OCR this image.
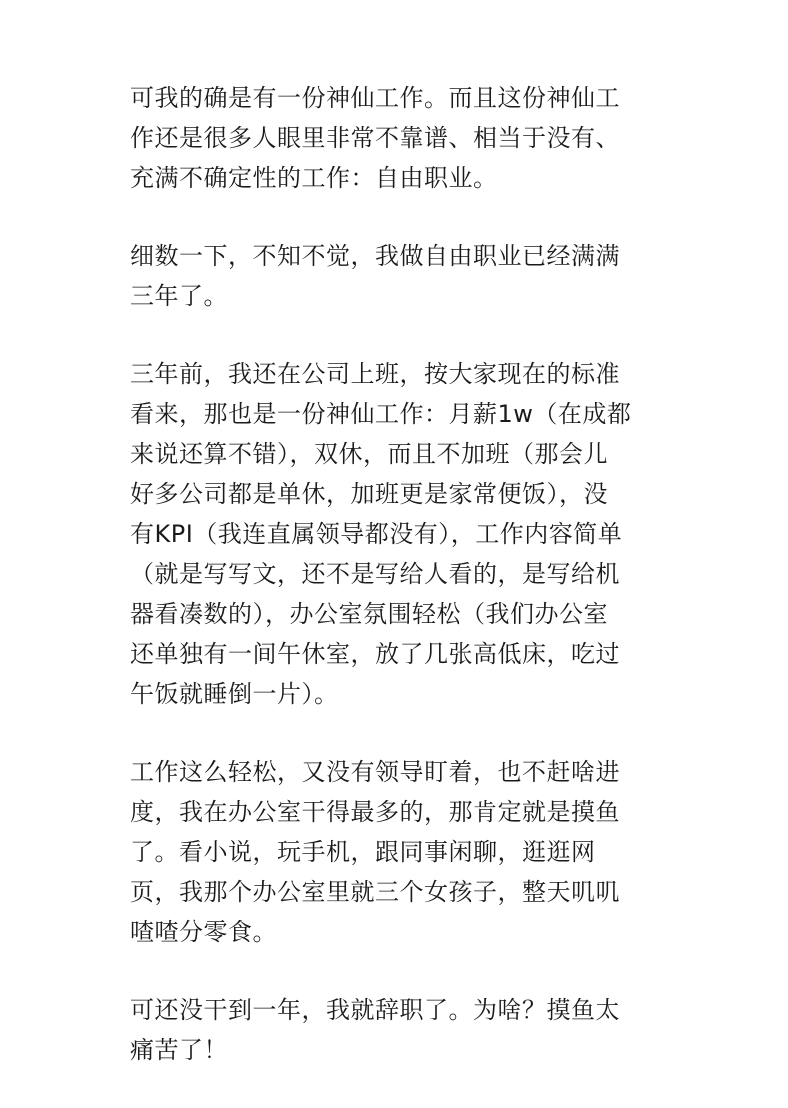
可我的确是有一份神仙工作。而且这份神仙工
作还是很多人眼里非常不靠谱、相当于没有、
充满不确定性的工作：自由职业。

细数一下，不知不觉，我做自由职业已经满满
三年了。

三年前，我还在公司上班，按大家现在的标准
看来，那也是一份神仙工作：月薪1w（在成都
来说还算不错），双休，而且不加班（那会儿
好多公司都是单休，加班更是家常便饭），没
有KPI（我连直属领导都没有），工作内容简单
（就是写写文，还不是写给人看的，是写给机
器看凑数的），办公室氛围轻松（我们办公室
还单独有一间午休室，放了几张高低床，吃过
午饭就睡倒一片）。

工作这么轻松，又没有领导盯着，也不赶啥进
度，我在办公室干得最多的，那肯定就是摸鱼
了。看小说，玩手机，跟同事闲聊，逛逛网
页，我那个办公室里就三个女孩子，整天叽叽
喳喳分零食。

可还没干到一年，我就辞职了。为啥？摸鱼太
痛苦了！
